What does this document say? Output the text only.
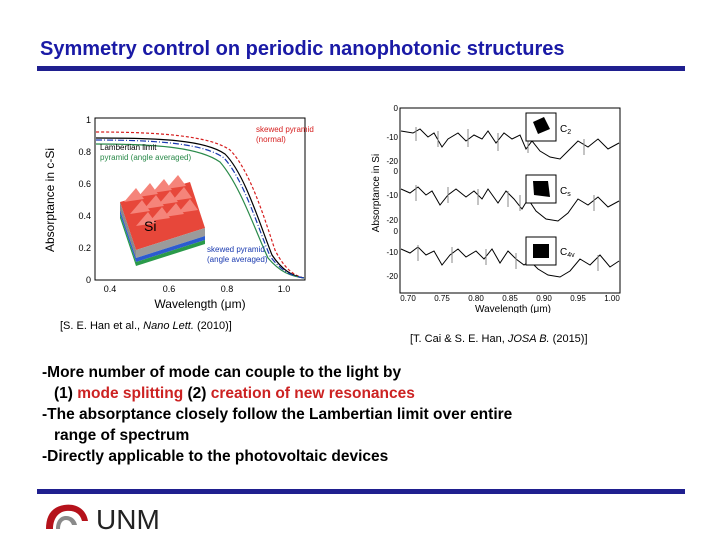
Symmetry control on periodic nanophotonic structures
0
0.2
0.4
0.6
0.8
1
0.4	0.6	0.8	1.0
Wavelength (μm)
Absorptance in c-Si
skewed pyramid
(normal)
Lambertian limit
pyramid (angle averaged)
skewed pyramid
(angle averaged)
Si
[S. E. Han et al., Nano Lett. (2010)]
Absorptance in Si
0
-10
-20
0
-10
-20
0
-10
-20
$C_2$
$C_s$
$C_{4v}$
0.70 0.75 0.80 0.85 0.90 0.95 1.00
Wavelength (μm)
[T. Cai & S. E. Han, JOSA B. (2015)]
-More number of mode can couple to the light by
(1) mode splitting (2) creation of new resonances
-The absorptance closely follow the Lambertian limit over entire
range of spectrum
-Directly applicable to the photovoltaic devices
UNM
